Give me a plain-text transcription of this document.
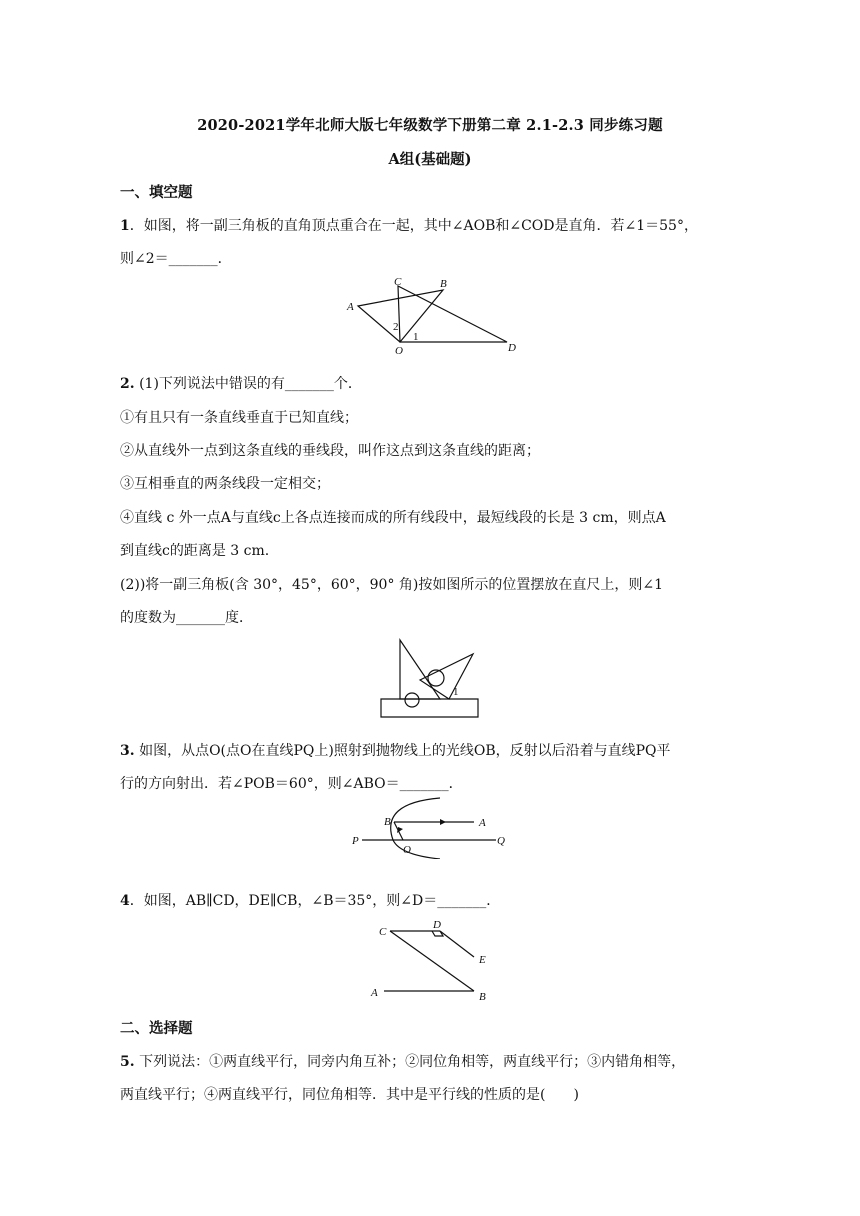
2020-2021学年北师大版七年级数学下册第二章 2.1-2.3 同步练习题
A组(基础题)
一、填空题
1．如图，将一副三角板的直角顶点重合在一起，其中∠AOB和∠COD是直角．若∠1＝55°，
则∠2＝_______．
A
B
C
D
O
1
2
2. (1)下列说法中错误的有_______个．
①有且只有一条直线垂直于已知直线；
②从直线外一点到这条直线的垂线段，叫作这点到这条直线的距离；
③互相垂直的两条线段一定相交；
④直线 c 外一点A与直线c上各点连接而成的所有线段中，最短线段的长是 3 cm，则点A
到直线c的距离是 3 cm.
(2))将一副三角板(含 30°，45°，60°，90° 角)按如图所示的位置摆放在直尺上，则∠1
的度数为_______度．
1
3. 如图，从点O(点O在直线PQ上)照射到抛物线上的光线OB，反射以后沿着与直线PQ平
行的方向射出．若∠POB＝60°，则∠ABO＝_______．
B	A
P	Q
O
4．如图，AB∥CD，DE∥CB，∠B＝35°，则∠D＝_______．
C
D
E
A	B
二、选择题
5. 下列说法：①两直线平行，同旁内角互补；②同位角相等，两直线平行；③内错角相等，
两直线平行；④两直线平行，同位角相等．其中是平行线的性质的是(　　)
